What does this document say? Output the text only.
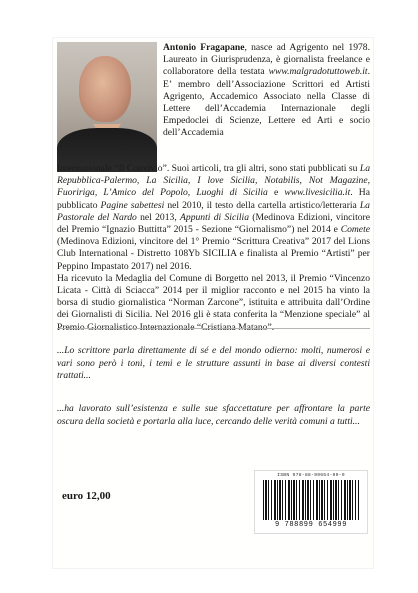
Antonio Fragapane, nasce ad Agrigento nel 1978. Laureato in Giurisprudenza, è giornalista freelance e collaboratore della testata www.malgradotuttoweb.it. E’ membro dell’Associazione Scrittori ed Artisti Agrigento, Accademico Associato nella Classe di Lettere dell’Accademia Internazionale degli Empedoclei di Scienze, Lettere ed Arti e socio dell’Accademia
Internazionale “Il Convivio”. Suoi articoli, tra gli altri, sono stati pubblicati su La Repubblica-Palermo, La Sicilia, I love Sicilia, Notabilis, Not Magazine, Fuoririga, L’Amico del Popolo, Luoghi di Sicilia e www.livesicilia.it. Ha pubblicato Pagine sabettesi nel 2010, il testo della cartella artistico/letteraria La Pastorale del Nardo nel 2013, Appunti di Sicilia (Medinova Edizioni, vincitore del Premio “Ignazio Buttitta” 2015 - Sezione “Giornalismo”) nel 2014 e Comete (Medinova Edizioni, vincitore del 1° Premio “Scrittura Creativa” 2017 del Lions Club International - Distretto 108Yb SICILIA e finalista al Premio “Artisti” per Peppino Impastato 2017) nel 2016.
Ha ricevuto la Medaglia del Comune di Borgetto nel 2013, il Premio “Vincenzo Licata - Città di Sciacca” 2014 per il miglior racconto e nel 2015 ha vinto la borsa di studio giornalistica “Norman Zarcone”, istituita e attribuita dall’Ordine dei Giornalisti di Sicilia. Nel 2016 gli è stata conferita la “Menzione speciale” al Premio Giornalistico Internazionale “Cristiana Matano”.
...Lo scrittore parla direttamente di sé e del mondo odierno: molti, numerosi e vari sono però i toni, i temi e le strutture assunti in base ai diversi contesti trattati...
...ha lavorato sull’esistenza e sulle sue sfaccettature per affrontare la parte oscura della società e portarla alla luce, cercando delle verità comuni a tutti...
euro 12,00
ISBN 978-88-99654-99-9
9 788899 654999
